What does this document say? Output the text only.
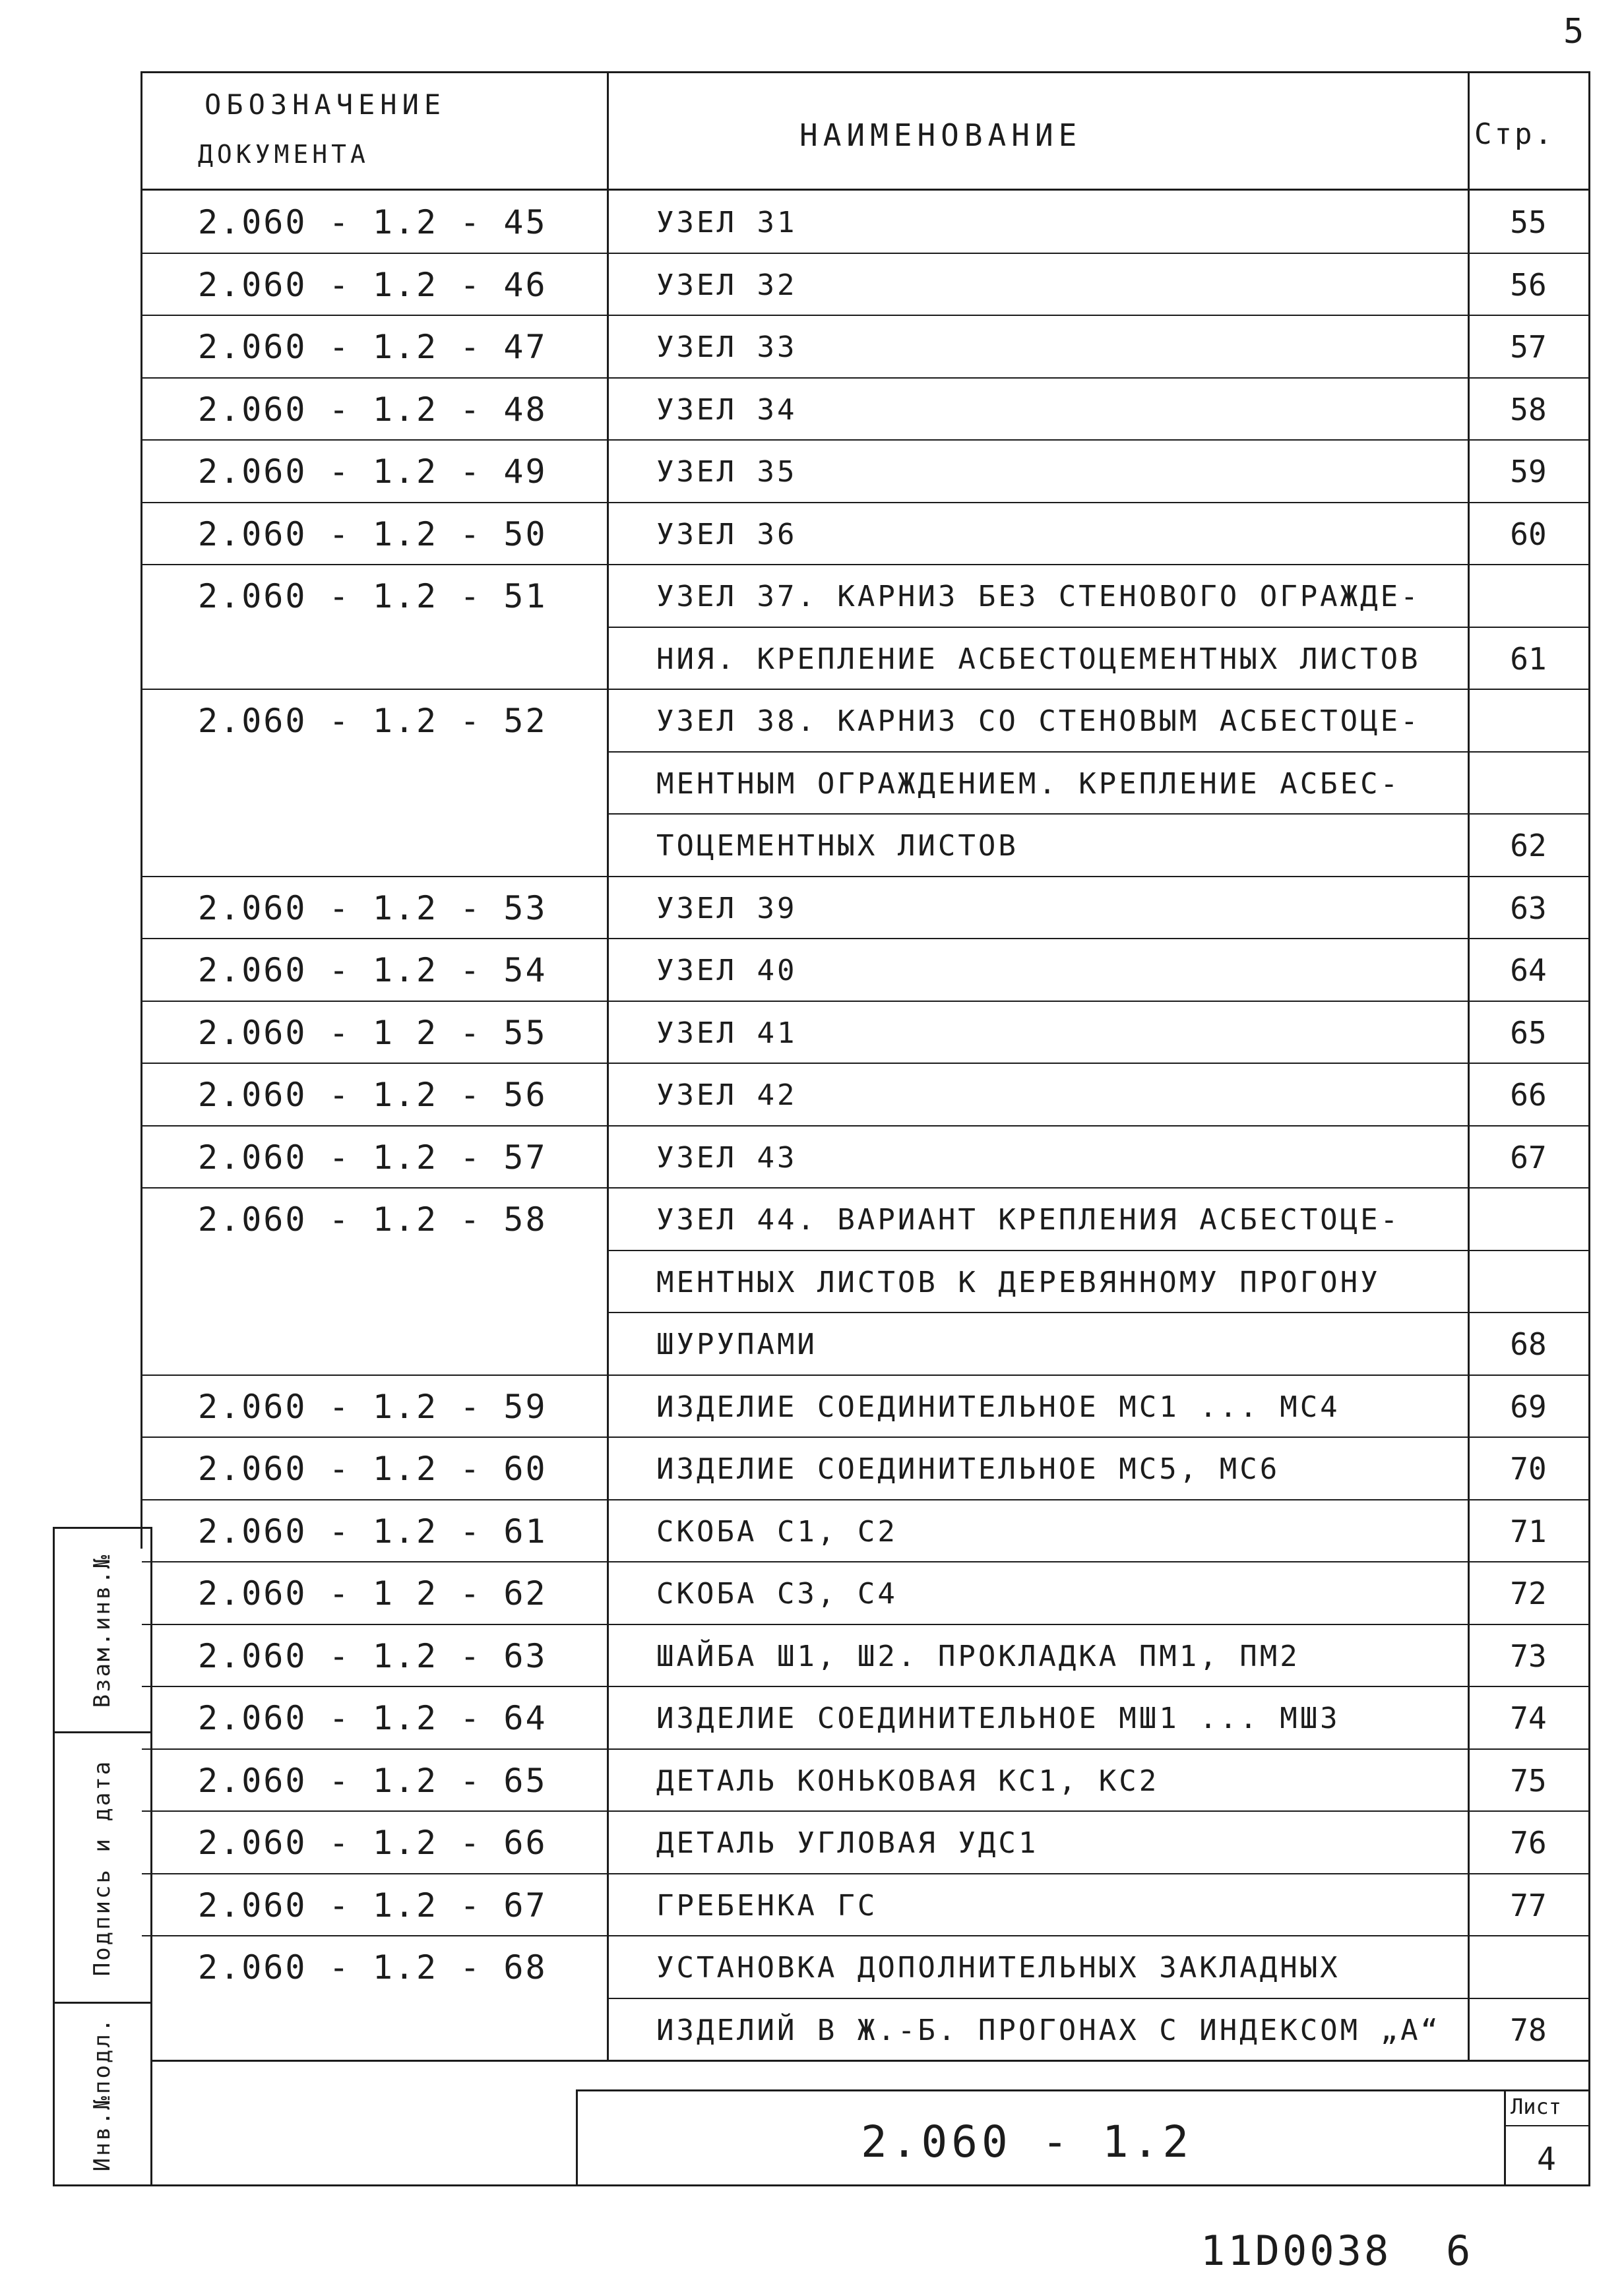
5
ОБОЗНАЧЕНИЕ
ДОКУМЕНТА
НАИМЕНОВАНИЕ	Стр.
2.060 - 1.2 - 45	УЗЕЛ 31	55
2.060 - 1.2 - 46	УЗЕЛ 32	56
2.060 - 1.2 - 47	УЗЕЛ 33	57
2.060 - 1.2 - 48	УЗЕЛ 34	58
2.060 - 1.2 - 49	УЗЕЛ 35	59
2.060 - 1.2 - 50	УЗЕЛ 36	60
2.060 - 1.2 - 51	УЗЕЛ 37. КАРНИЗ БЕЗ СТЕНОВОГО ОГРАЖДЕ-
НИЯ. КРЕПЛЕНИЕ АСБЕСТОЦЕМЕНТНЫХ ЛИСТОВ	61
2.060 - 1.2 - 52	УЗЕЛ 38. КАРНИЗ СО СТЕНОВЫМ АСБЕСТОЦЕ-
МЕНТНЫМ ОГРАЖДЕНИЕМ. КРЕПЛЕНИЕ АСБЕС-
ТОЦЕМЕНТНЫХ ЛИСТОВ	62
2.060 - 1.2 - 53	УЗЕЛ 39	63
2.060 - 1.2 - 54	УЗЕЛ 40	64
2.060 - 1 2 - 55	УЗЕЛ 41	65
2.060 - 1.2 - 56	УЗЕЛ 42	66
2.060 - 1.2 - 57	УЗЕЛ 43	67
2.060 - 1.2 - 58	УЗЕЛ 44. ВАРИАНТ КРЕПЛЕНИЯ АСБЕСТОЦЕ-
МЕНТНЫХ ЛИСТОВ К ДЕРЕВЯННОМУ ПРОГОНУ
ШУРУПАМИ	68
2.060 - 1.2 - 59	ИЗДЕЛИЕ СОЕДИНИТЕЛЬНОЕ МС1 ... МС4	69
2.060 - 1.2 - 60	ИЗДЕЛИЕ СОЕДИНИТЕЛЬНОЕ МС5, МС6	70
2.060 - 1.2 - 61	СКОБА С1, С2	71
2.060 - 1 2 - 62	СКОБА С3, С4	72
2.060 - 1.2 - 63	ШАЙБА Ш1, Ш2. ПРОКЛАДКА ПМ1, ПМ2	73
2.060 - 1.2 - 64	ИЗДЕЛИЕ СОЕДИНИТЕЛЬНОЕ МШ1 ... МШ3	74
2.060 - 1.2 - 65	ДЕТАЛЬ КОНЬКОВАЯ КС1, КС2	75
2.060 - 1.2 - 66	ДЕТАЛЬ УГЛОВАЯ УДС1	76
2.060 - 1.2 - 67	ГРЕБЕНКА ГС	77
2.060 - 1.2 - 68	УСТАНОВКА ДОПОЛНИТЕЛЬНЫХ ЗАКЛАДНЫХ
ИЗДЕЛИЙ В Ж.-Б. ПРОГОНАХ С ИНДЕКСОМ „А“	78
Взам.инв.№
Подпись и дата
Инв.№подл.	2.060 - 1.2
Лист
4
11D0038  6
